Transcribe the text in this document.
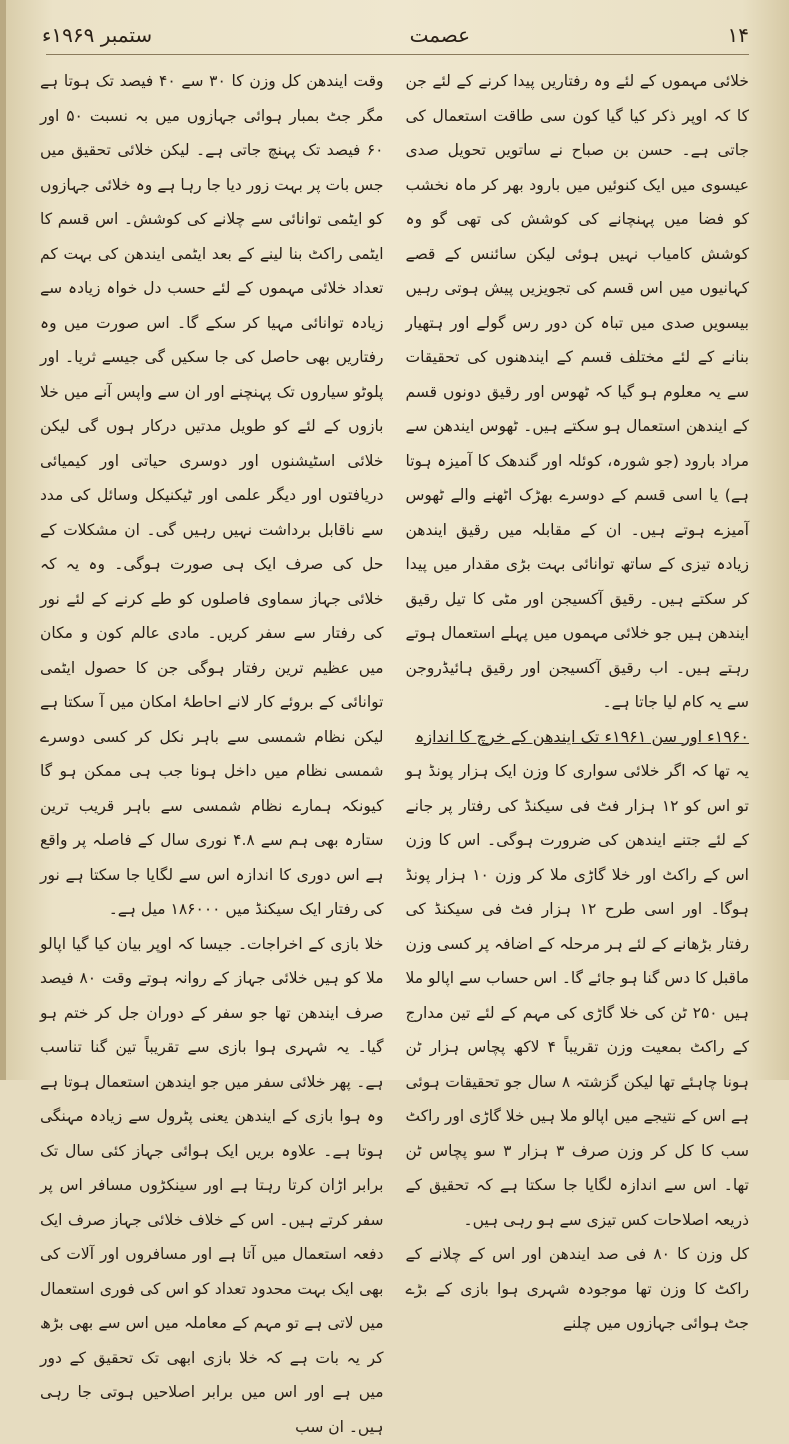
ستمبر ۱۹۶۹ء	عصمت	۱۴

وقت ایندھن کل وزن کا ۳۰ سے ۴۰ فیصد تک ہوتا ہے مگر جٹ بمبار ہوائی جہازوں میں بہ نسبت ۵۰ اور ۶۰ فیصد تک پہنچ جاتی ہے۔ لیکن خلائی تحقیق میں جس بات پر بہت زور دیا جا رہا ہے وہ خلائی جہازوں کو ایٹمی توانائی سے چلانے کی کوشش۔ اس قسم کا ایٹمی راکٹ بنا لینے کے بعد ایٹمی ایندھن کی بہت کم تعداد خلائی مہموں کے لئے حسب دل خواہ زیادہ سے زیادہ توانائی مہیا کر سکے گا۔ اس صورت میں وہ رفتاریں بھی حاصل کی جا سکیں گی جیسے ثریا۔ اور پلوٹو سیاروں تک پہنچنے اور ان سے واپس آنے میں خلا بازوں کے لئے کو طویل مدتیں درکار ہوں گی لیکن خلائی اسٹیشنوں اور دوسری حیاتی اور کیمیائی دریافتوں اور دیگر علمی اور ٹیکنیکل وسائل کی مدد سے ناقابل برداشت نہیں رہیں گی۔ ان مشکلات کے حل کی صرف ایک ہی صورت ہوگی۔ وہ یہ کہ خلائی جہاز سماوی فاصلوں کو طے کرنے کے لئے نور کی رفتار سے سفر کریں۔ مادی عالم کون و مکان میں عظیم ترین رفتار ہوگی جن کا حصول ایٹمی توانائی کے بروئے کار لانے احاطۂ امکان میں آ سکتا ہے لیکن نظام شمسی سے باہر نکل کر کسی دوسرے شمسی نظام میں داخل ہونا جب ہی ممکن ہو گا کیونکہ ہمارے نظام شمسی سے باہر قریب ترین ستارہ بھی ہم سے ۴.۸ نوری سال کے فاصلہ پر واقع ہے اس دوری کا اندازہ اس سے لگایا جا سکتا ہے نور کی رفتار ایک سیکنڈ میں ۱۸۶۰۰۰ میل ہے۔

خلا بازی کے اخراجات۔ جیسا کہ اوپر بیان کیا گیا اپالو ملا کو ہیں خلائی جہاز کے روانہ ہوتے وقت ۸۰ فیصد صرف ایندھن تھا جو سفر کے دوران جل کر ختم ہو گیا۔ یہ شہری ہوا بازی سے تقریباً تین گنا تناسب ہے۔ پھر خلائی سفر میں جو ایندھن استعمال ہوتا ہے وہ ہوا بازی کے ایندھن یعنی پٹرول سے زیادہ مہنگی ہوتا ہے۔ علاوہ بریں ایک ہوائی جہاز کئی سال تک برابر اڑان کرتا رہتا ہے اور سینکڑوں مسافر اس پر سفر کرتے ہیں۔ اس کے خلاف خلائی جہاز صرف ایک دفعہ استعمال میں آتا ہے اور مسافروں اور آلات کی بھی ایک بہت محدود تعداد کو اس کی فوری استعمال میں لاتی ہے تو مہم کے معاملہ میں اس سے بھی بڑھ کر یہ بات ہے کہ خلا بازی ابھی تک تحقیق کے دور میں ہے اور اس میں برابر اصلاحیں ہوتی جا رہی ہیں۔ ان سب

خلائی مہموں کے لئے وہ رفتاریں پیدا کرنے کے لئے جن کا کہ اوپر ذکر کیا گیا کون سی طاقت استعمال کی جاتی ہے۔ حسن بن صباح نے ساتویں تحویل صدی عیسوی میں ایک کنوئیں میں بارود بھر کر ماہ نخشب کو فضا میں پہنچانے کی کوشش کی تھی گو وہ کوشش کامیاب نہیں ہوئی لیکن سائنس کے قصے کہانیوں میں اس قسم کی تجویزیں پیش ہوتی رہیں بیسویں صدی میں تباہ کن دور رس گولے اور ہتھیار بنانے کے لئے مختلف قسم کے ایندھنوں کی تحقیقات سے یہ معلوم ہو گیا کہ ٹھوس اور رقیق دونوں قسم کے ایندھن استعمال ہو سکتے ہیں۔ ٹھوس ایندھن سے مراد بارود (جو شورہ، کوئلہ اور گندھک کا آمیزہ ہوتا ہے) یا اسی قسم کے دوسرے بھڑک اٹھنے والے ٹھوس آمیزے ہوتے ہیں۔ ان کے مقابلہ میں رقیق ایندھن زیادہ تیزی کے ساتھ توانائی بہت بڑی مقدار میں پیدا کر سکتے ہیں۔ رقیق آکسیجن اور مٹی کا تیل رقیق ایندھن ہیں جو خلائی مہموں میں پہلے استعمال ہوتے رہتے ہیں۔ اب رقیق آکسیجن اور رقیق ہائیڈروجن سے یہ کام لیا جاتا ہے۔

۱۹۶۰ء اور سن ۱۹۶۱ء تک ایندھن کے خرچ کا اندازہ

یہ تھا کہ اگر خلائی سواری کا وزن ایک ہزار پونڈ ہو تو اس کو ۱۲ ہزار فٹ فی سیکنڈ کی رفتار پر جانے کے لئے جتنے ایندھن کی ضرورت ہوگی۔ اس کا وزن اس کے راکٹ اور خلا گاڑی ملا کر وزن ۱۰ ہزار پونڈ ہوگا۔ اور اسی طرح ۱۲ ہزار فٹ فی سیکنڈ کی رفتار بڑھانے کے لئے ہر مرحلہ کے اضافہ پر کسی وزن ماقبل کا دس گنا ہو جائے گا۔ اس حساب سے اپالو ملا ہیں ۲۵۰ ٹن کی خلا گاڑی کی مہم کے لئے تین مدارج کے راکٹ بمعیت وزن تقریباً ۴ لاکھ پچاس ہزار ٹن ہونا چاہئے تھا لیکن گزشتہ ۸ سال جو تحقیقات ہوئی ہے اس کے نتیجے میں اپالو ملا ہیں خلا گاڑی اور راکٹ سب کا کل کر وزن صرف ۳ ہزار ۳ سو پچاس ٹن تھا۔ اس سے اندازہ لگایا جا سکتا ہے کہ تحقیق کے ذریعہ اصلاحات کس تیزی سے ہو رہی ہیں۔

کل وزن کا ۸۰ فی صد ایندھن اور اس کے چلانے کے راکٹ کا وزن تھا موجودہ شہری ہوا بازی کے بڑے جٹ ہوائی جہازوں میں چلنے
